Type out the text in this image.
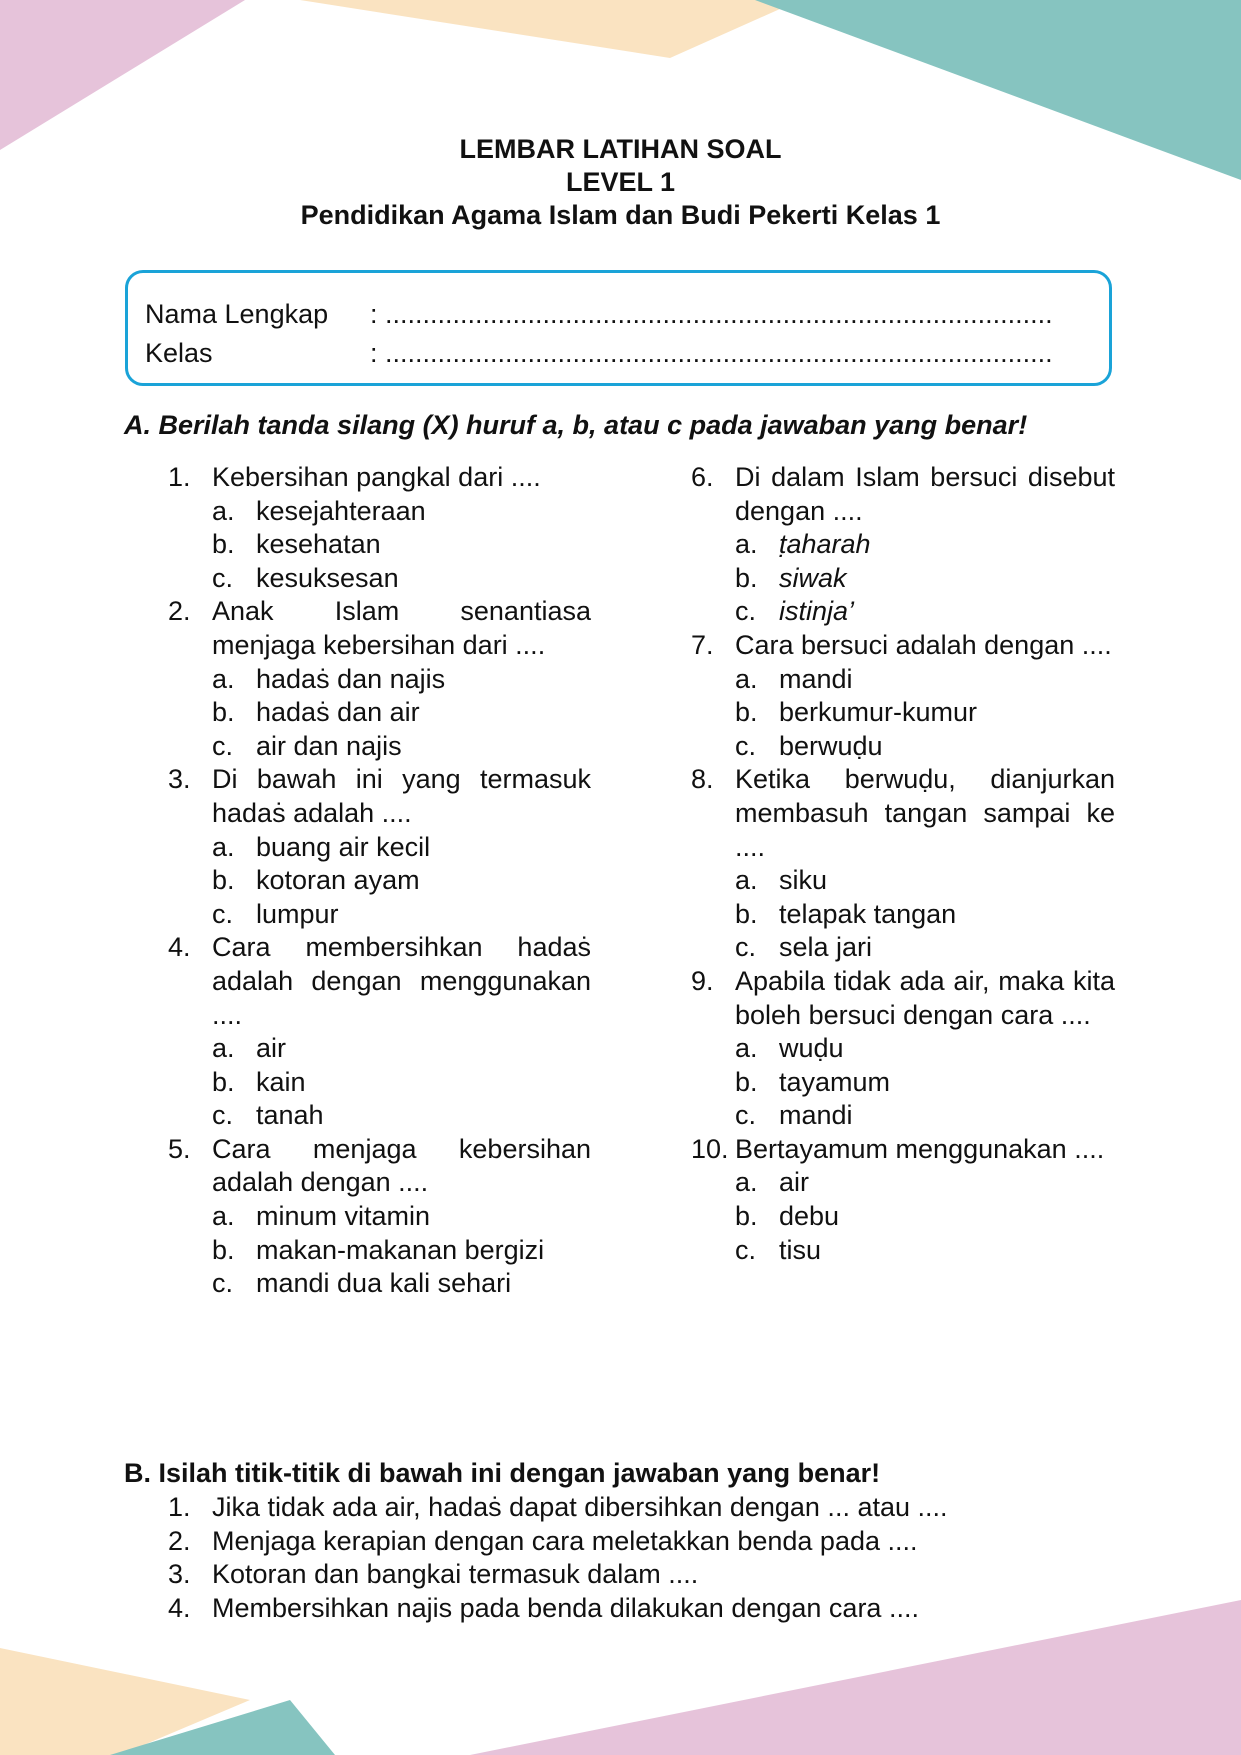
LEMBAR LATIHAN SOAL
LEVEL 1
Pendidikan Agama Islam dan Budi Pekerti Kelas 1
Nama Lengkap : .........................................................................................
Kelas	: .........................................................................................
A. Berilah tanda silang (X) huruf a, b, atau c pada jawaban yang benar!
1. Kebersihan pangkal dari ....
a. kesejahteraan
b. kesehatan
c. kesuksesan
2. Anak Islam senantiasa menjaga kebersihan dari ....
a. hadaṡ dan najis
b. hadaṡ dan air
c. air dan najis
3. Di bawah ini yang termasuk hadaṡ adalah ....
a. buang air kecil
b. kotoran ayam
c. lumpur
4. Cara membersihkan hadaṡ adalah dengan menggunakan ....
a. air
b. kain
c. tanah
5. Cara menjaga kebersihan adalah dengan ....
a. minum vitamin
b. makan-makanan bergizi
c. mandi dua kali sehari
6. Di dalam Islam bersuci disebut dengan ....
a. ṭaharah
b. siwak
c. istinja’
7. Cara bersuci adalah dengan ....
a. mandi
b. berkumur-kumur
c. berwuḍu
8. Ketika berwuḍu, dianjurkan membasuh tangan sampai ke ....
a. siku
b. telapak tangan
c. sela jari
9. Apabila tidak ada air, maka kita boleh bersuci dengan cara ....
a. wuḍu
b. tayamum
c. mandi
10. Bertayamum menggunakan ....
a. air
b. debu
c. tisu
B. Isilah titik-titik di bawah ini dengan jawaban yang benar!
1. Jika tidak ada air, hadaṡ dapat dibersihkan dengan ... atau ....
2. Menjaga kerapian dengan cara meletakkan benda pada ....
3. Kotoran dan bangkai termasuk dalam ....
4. Membersihkan najis pada benda dilakukan dengan cara ....
